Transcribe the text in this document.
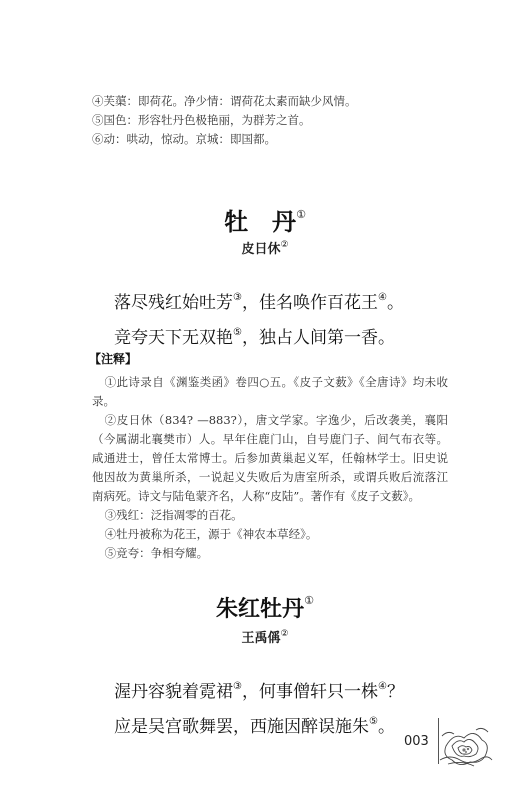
④芙蕖：即荷花。净少情：谓荷花太素而缺少风情。

⑤国色：形容牡丹色极艳丽，为群芳之首。

⑥动：哄动，惊动。京城：即国都。

牡　丹①
皮日休②

落尽残红始吐芳③，佳名唤作百花王④。

竞夸天下无双艳⑤，独占人间第一香。

【注释】

①此诗录自《渊鉴类函》卷四○五。《皮子文薮》《全唐诗》均未收录。

②皮日休（834? —883?），唐文学家。字逸少，后改袭美，襄阳（今属湖北襄樊市）人。早年住鹿门山，自号鹿门子、间气布衣等。咸通进士，曾任太常博士。后参加黄巢起义军，任翰林学士。旧史说他因故为黄巢所杀，一说起义失败后为唐室所杀，或谓兵败后流落江南病死。诗文与陆龟蒙齐名，人称“皮陆”。著作有《皮子文薮》。

③残红：泛指凋零的百花。

④牡丹被称为花王，源于《神农本草经》。

⑤竞夸：争相夸耀。

朱红牡丹①
王禹偁②

渥丹容貌着霓裙③，何事僧轩只一株④？

应是吴宫歌舞罢，西施因醉误施朱⑤。

003
